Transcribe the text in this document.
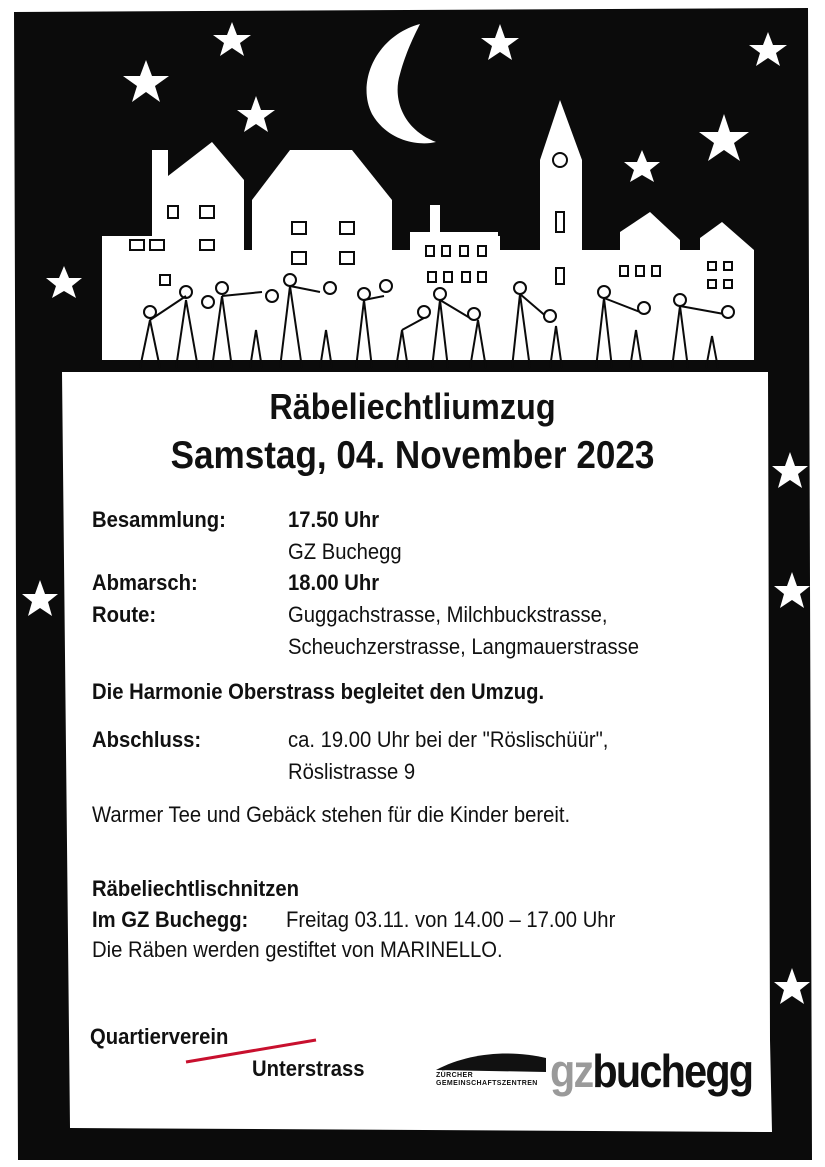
Räbeliechtliumzug
Samstag, 04. November 2023
Besammlung:	17.50 Uhr
GZ Buchegg
Abmarsch:	18.00 Uhr
Route:	Guggachstrasse, Milchbuckstrasse,
Scheuchzerstrasse, Langmauerstrasse
Die Harmonie Oberstrass begleitet den Umzug.
Abschluss:	ca. 19.00 Uhr bei der "Röslischüür",
Röslistrasse 9
Warmer Tee und Gebäck stehen für die Kinder bereit.
Räbeliechtlischnitzen
Im GZ Buchegg: Freitag 03.11. von 14.00 – 17.00 Uhr
Die Räben werden gestiftet von MARINELLO.
Quartierverein
Unterstrass	ZÜRCHER
GEMEINSCHAFTSZENTREN gzbuchegg
